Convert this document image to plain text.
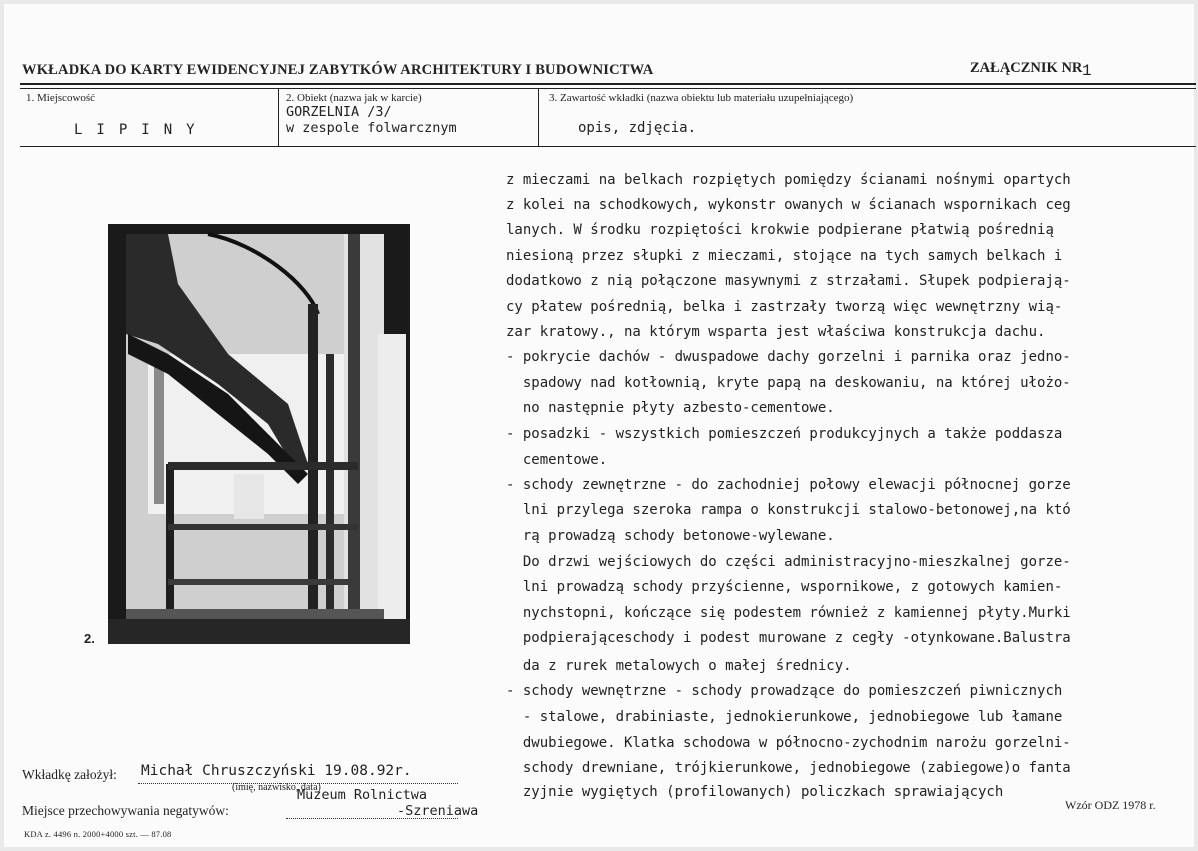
WKŁADKA DO KARTY EWIDENCYJNEJ ZABYTKÓW ARCHITEKTURY I BUDOWNICTWA	ZAŁĄCZNIK NR 1
1. Miejscowość
LIPINY
2. Obiekt (nazwa jak w karcie)
GORZELNIA /3/
w zespole folwarcznym
3. Zawartość wkładki (nazwa obiektu lub materiału uzupełniającego)
opis, zdjęcia.
2.
z mieczami na belkach rozpiętych pomiędzy ścianami nośnymi opartych
z kolei na schodkowych, wykonstr owanych w ścianach wspornikach ceg
lanych. W środku rozpiętości krokwie podpierane płatwią pośrednią
niesioną przez słupki z mieczami, stojące na tych samych belkach i
dodatkowo z nią połączone masywnymi z strzałami. Słupek podpierają-
cy płatew pośrednią, belka i zastrzały tworzą więc wewnętrzny wią-
zar kratowy., na którym wsparta jest właściwa konstrukcja dachu.
- pokrycie dachów - dwuspadowe dachy gorzelni i parnika oraz jedno-
spadowy nad kotłownią, kryte papą na deskowaniu, na której ułożo-
no następnie płyty azbesto-cementowe.
- posadzki - wszystkich pomieszczeń produkcyjnych a także poddasza
cementowe.
- schody zewnętrzne - do zachodniej połowy elewacji północnej gorze
lni przylega szeroka rampa o konstrukcji stalowo-betonowej,na któ
rą prowadzą schody betonowe-wylewane.
Do drzwi wejściowych do części administracyjno-mieszkalnej gorze-
lni prowadzą schody przyścienne, wspornikowe, z gotowych kamien-
nychstopni, kończące się podestem również z kamiennej płyty.Murki
podpierająceschody i podest murowane z cegły -otynkowane.Balustra
da z rurek metalowych o małej średnicy.
- schody wewnętrzne - schody prowadzące do pomieszczeń piwnicznych
- stalowe, drabiniaste, jednokierunkowe, jednobiegowe lub łamane
dwubiegowe. Klatka schodowa w północno-zychodnim narożu gorzelni-
schody drewniane, trójkierunkowe, jednobiegowe (zabiegowe)o fanta
zyjnie wygiętych (profilowanych) policzkach sprawiających
Wkładkę założył: Michał Chruszczyński 19.08.92r.
(imię, nazwisko, data)
Miejsce przechowywania negatywów:
Muzeum Rolnictwa
-Szreniawa	Wzór ODZ 1978 r.
KDA z. 4496 n. 2000+4000 szt. — 87.08
